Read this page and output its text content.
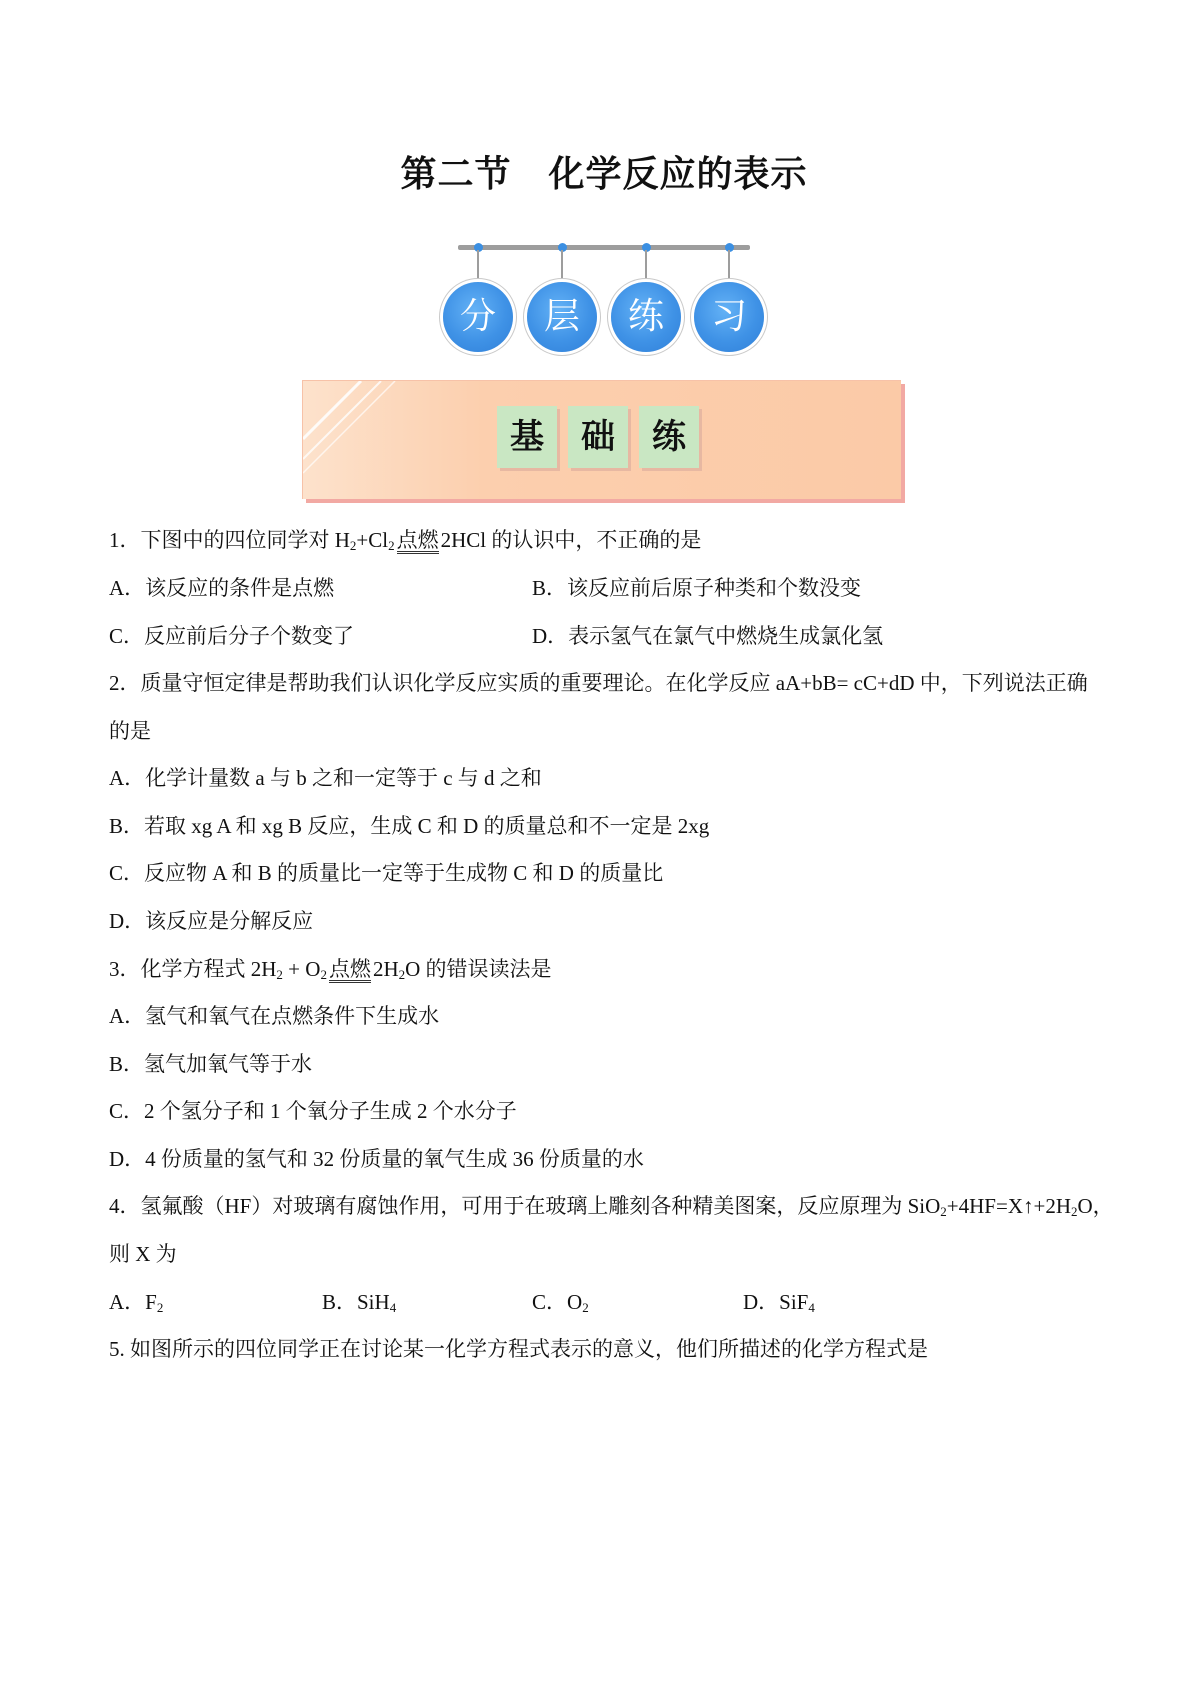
第二节　化学反应的表示
分	层	练	习
基	础	练
1．下图中的四位同学对 $H_2+Cl_2$点燃2HCl 的认识中，不正确的是
A．该反应的条件是点燃	B．该反应前后原子种类和个数没变
C．反应前后分子个数变了	D．表示氢气在氯气中燃烧生成氯化氢
2．质量守恒定律是帮助我们认识化学反应实质的重要理论。在化学反应 aA+bB= cC+dD 中，下列说法正确
的是
A．化学计量数 a 与 b 之和一定等于 c 与 d 之和
B．若取 xg A 和 xg B 反应，生成 C 和 D 的质量总和不一定是 2xg
C．反应物 A 和 B 的质量比一定等于生成物 C 和 D 的质量比
D．该反应是分解反应
3．化学方程式 $2H_2 + O_2$点燃$2H_2O$ 的错误读法是
A．氢气和氧气在点燃条件下生成水
B．氢气加氧气等于水
C．2 个氢分子和 1 个氧分子生成 2 个水分子
D．4 份质量的氢气和 32 份质量的氧气生成 36 份质量的水
4．氢氟酸（HF）对玻璃有腐蚀作用，可用于在玻璃上雕刻各种精美图案，反应原理为 $SiO_2+4HF=X↑+2H_2O$，
则 X 为
A．$F_2$	B．SiH$_4$	C．$O_2$	D．SiF$_4$
5. 如图所示的四位同学正在讨论某一化学方程式表示的意义，他们所描述的化学方程式是
